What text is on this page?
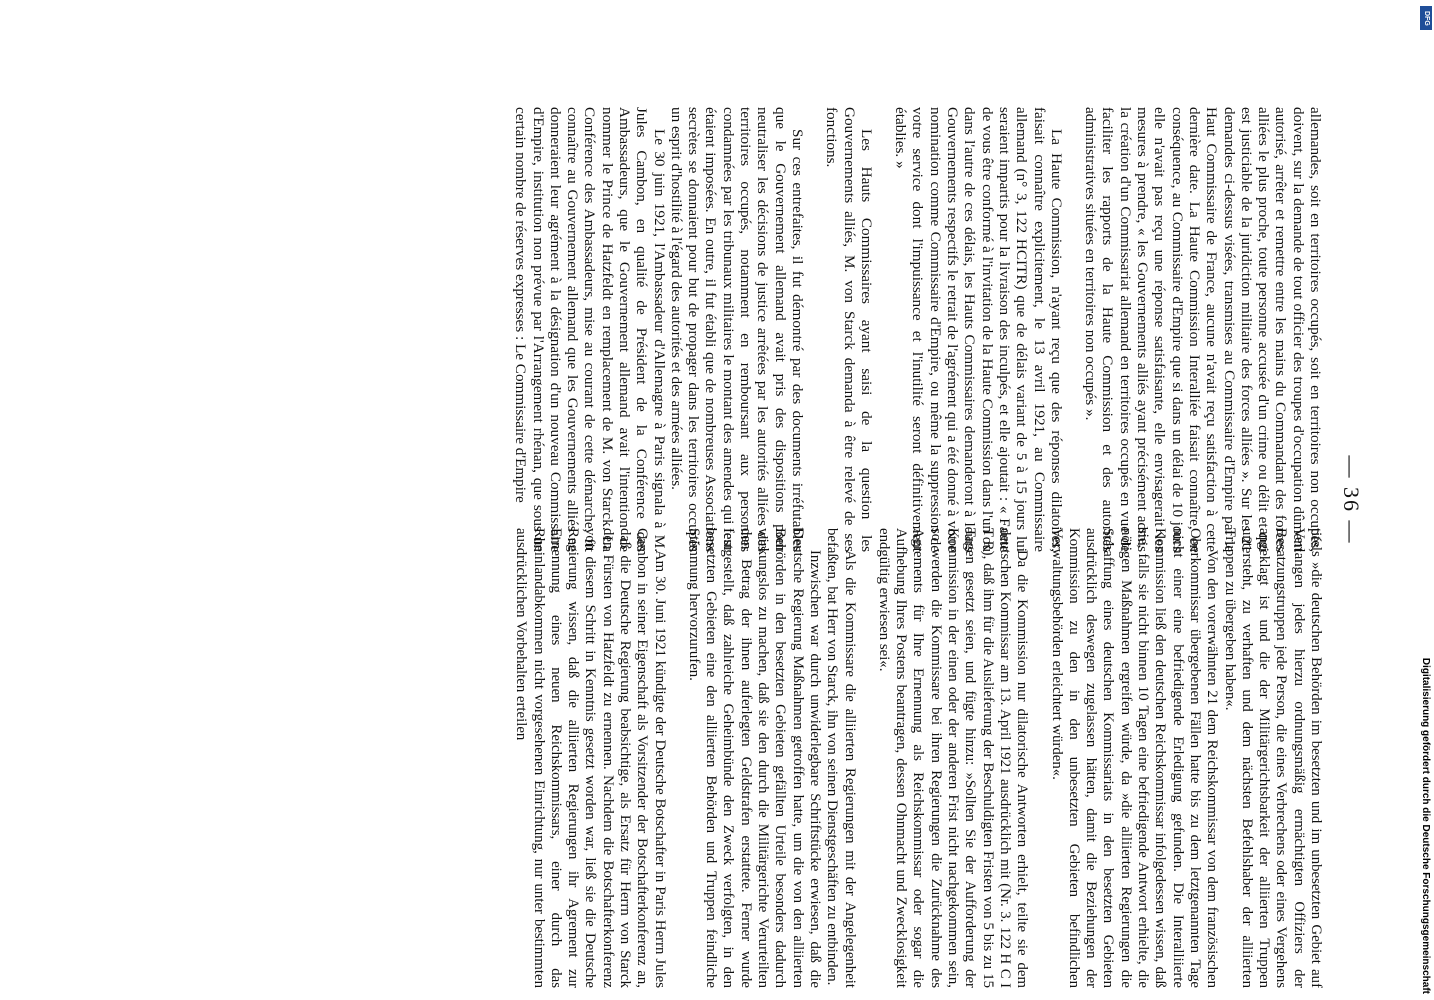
— 36 —

allemandes, soit en territoires occupés, soit en territoires non occupés, doivent, sur la demande de tout officier des troupes d'occupation dûment autorisé, arrêter et remettre entre les mains du Commandant des forces alliées le plus proche, toute personne accusée d'un crime ou délit et qui est justiciable de la juridiction militaire des forces alliées ». Sur les 21 demandes ci-dessus visées, transmises au Commissaire d'Empire par le Haut Commissaire de France, aucune n'avait reçu satisfaction à cette dernière date. La Haute Commission Interalliée faisait connaître, en conséquence, au Commissaire d'Empire que si dans un délai de 10 jours elle n'avait pas reçu une réponse satisfaisante, elle envisagerait les mesures à prendre, « les Gouvernements alliés ayant précisément admis la création d'un Commissariat allemand en territoires occupés en vue de faciliter les rapports de la Haute Commission et des autorités administratives situées en territoires non occupés ».

La Haute Commission, n'ayant reçu que des réponses dilatoires, faisait connaître explicitement, le 13 avril 1921, au Commissaire allemand (n° 3, 122 HCITR) que de délais variant de 5 à 15 jours lui seraient impartis pour la livraison des inculpés, et elle ajoutait : « Faute de vous être conformé à l'invitation de la Haute Commission dans l'un ou dans l'autre de ces délais, les Hauts Commissaires demanderont à leurs Gouvernements respectifs le retrait de l'agrément qui a été donné à votre nomination comme Commissaire d'Empire, ou même la suppression de votre service dont l'impuissance et l'inutilité seront définitivement établies. »

Les Hauts Commissaires ayant saisi de la question les Gouvernements alliés, M. von Starck demanda à être relevé de ses fonctions.

Sur ces entrefaites, il fut démontré par des documents irréfutables que le Gouvernement allemand avait pris des dispositions pour neutraliser les décisions de justice arrêtées par les autorités alliées des territoires occupés, notamment en remboursant aux personnes condamnées par les tribunaux militaires le montant des amendes qui leur étaient imposées. En outre, il fut établi que de nombreuses Associations secrètes se donnaient pour but de propager dans les territoires occupés un esprit d'hostilité à l'égard des autorités et des armées alliées.

Le 30 juin 1921, l'Ambassadeur d'Allemagne à Paris signala à M. Jules Cambon, en qualité de Président de la Conférence des Ambassadeurs, que le Gouvernement allemand avait l'intention de nommer le Prince de Hatzfeldt en remplacement de M. von Starck. La Conférence des Ambassadeurs, mise au courant de cette démarche, fit connaître au Gouvernement allemand que les Gouvernements alliés ne donneraient leur agrément à la désignation d'un nouveau Commissaire d'Empire, institution non prévue par l'Arrangement rhénan, que sous un certain nombre de réserves expresses : Le Commissaire d'Empire

titels »die deutschen Behörden im besetzten und im unbesetzten Gebiet auf Verlangen jedes hierzu ordnungsmäßig ermächtigten Offiziers der Besatzungstruppen jede Person, die eines Verbrechens oder eines Vergehens angeklagt ist und die der Militärgerichtsbarkeit der alliierten Truppen untersteht, zu verhaften und dem nächsten Befehlshaber der alliierten Truppen zu übergeben haben«.

Von den vorerwähnten 21 dem Reichskommissar von dem französischen Oberkommissar übergebenen Fällen hatte bis zu dem letztgenannten Tage nicht einer eine befriedigende Erledigung gefunden. Die Interalliierte Kommission ließ den deutschen Reichskommissar infolgedessen wissen, daß sie, falls sie nicht binnen 10 Tagen eine befriedigende Antwort erhielte, die nötigen Maßnahmen ergreifen würde, da »die alliierten Regierungen die Schaffung eines deutschen Kommissariats in den besetzten Gebieten ausdrücklich deswegen zugelassen hätten, damit die Beziehungen der Kommission zu den in den unbesetzten Gebieten befindlichen Verwaltungsbehörden erleichtert würden«.

Da die Kommission nur dilatorische Antworten erhielt, teilte sie dem deutschen Kommissar am 13. April 1921 ausdrücklich mit (Nr. 3. 122 H C I T R), daß ihm für die Auslieferung der Beschuldigten Fristen von 5 bis zu 15 Tagen gesetzt seien, und fügte hinzu: »Sollten Sie der Aufforderung der Kommission in der einen oder der anderen Frist nicht nachgekommen sein, so werden die Kommissare bei ihren Regierungen die Zurücknahme des Agrements für Ihre Ernennung als Reichskommissar oder sogar die Aufhebung Ihres Postens beantragen, dessen Ohnmacht und Zwecklosigkeit endgültig erwiesen sei«.

Als die Kommissare die alliierten Regierungen mit der Angelegenheit befaßten, bat Herr von Starck, ihn von seinen Dienstgeschäften zu entbinden.

Inzwischen war durch unwiderlegbare Schriftstücke erwiesen, daß die Deutsche Regierung Maßnahmen getroffen hatte, um die von den alliierten Behörden in den besetzten Gebieten gefällten Urteile besonders dadurch wirkungslos zu machen, daß sie den durch die Militärgerichte Verurteilten den Betrag der ihnen auferlegten Geldstrafen erstattete. Ferner wurde festgestellt, daß zahlreiche Geheimbünde den Zweck verfolgten, in den besetzten Gebieten eine den alliierten Behörden und Truppen feindliche Stimmung hervorzurufen.

Am 30. Juni 1921 kündigte der Deutsche Botschafter in Paris Herrn Jules Cambon in seiner Eigenschaft als Vorsitzender der Botschafterkonferenz an, daß die Deutsche Regierung beabsichtige, als Ersatz für Herrn von Starck den Fürsten von Hatzfeldt zu ernennen. Nachdem die Botschafterkonferenz von diesem Schritt in Kenntnis gesetzt worden war, ließ sie die Deutsche Regierung wissen, daß die alliierten Regierungen ihr Agrement zur Ernennung eines neuen Reichskommissars, einer durch das Rheinlandabkommen nicht vorgesehenen Einrichtung, nur unter bestimmten ausdrücklichen Vorbehalten erteilen

DFG
Digitalisierung gefördert durch die Deutsche Forschungsgemeinschaft
